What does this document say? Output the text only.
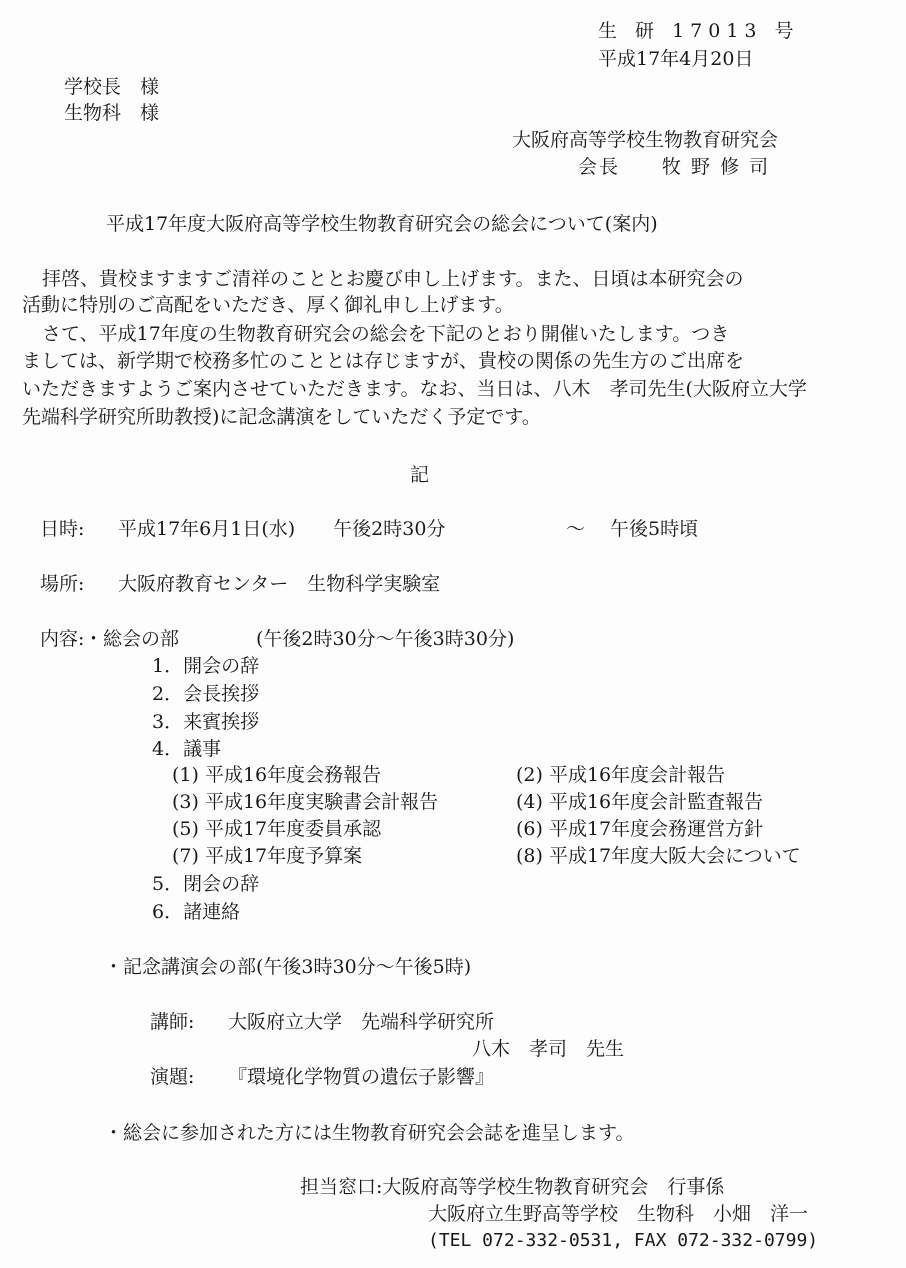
生 研 17013 号
平成17年4月20日
学校長　様
生物科　様
大阪府高等学校生物教育研究会
会長　　牧 野 修 司
平成17年度大阪府高等学校生物教育研究会の総会について(案内)
拝啓、貴校ますますご清祥のこととお慶び申し上げます。また、日頃は本研究会の
活動に特別のご高配をいただき、厚く御礼申し上げます。
さて、平成17年度の生物教育研究会の総会を下記のとおり開催いたします。つき
ましては、新学期で校務多忙のこととは存じますが、貴校の関係の先生方のご出席を
いただきますようご案内させていただきます。なお、当日は、八木　孝司先生(大阪府立大学
先端科学研究所助教授)に記念講演をしていただく予定です。
記
日時: 平成17年6月1日(水)　　午後2時30分	～ 午後5時頃
場所: 大阪府教育センター　生物科学実験室
内容: ・総会の部	(午後2時30分～午後3時30分)
1．開会の辞
2．会長挨拶
3．来賓挨拶
4．議事
(1) 平成16年度会務報告	(2) 平成16年度会計報告
(3) 平成16年度実験書会計報告	(4) 平成16年度会計監査報告
(5) 平成17年度委員承認	(6) 平成17年度会務運営方針
(7) 平成17年度予算案	(8) 平成17年度大阪大会について
5．閉会の辞
6．諸連絡
・記念講演会の部(午後3時30分～午後5時)
講師: 大阪府立大学　先端科学研究所
八木　孝司　先生
演題: 『環境化学物質の遺伝子影響』
・総会に参加された方には生物教育研究会会誌を進呈します。
担当窓口:大阪府高等学校生物教育研究会　行事係
大阪府立生野高等学校　生物科　小畑　洋一
(TEL 072-332-0531, FAX 072-332-0799)
